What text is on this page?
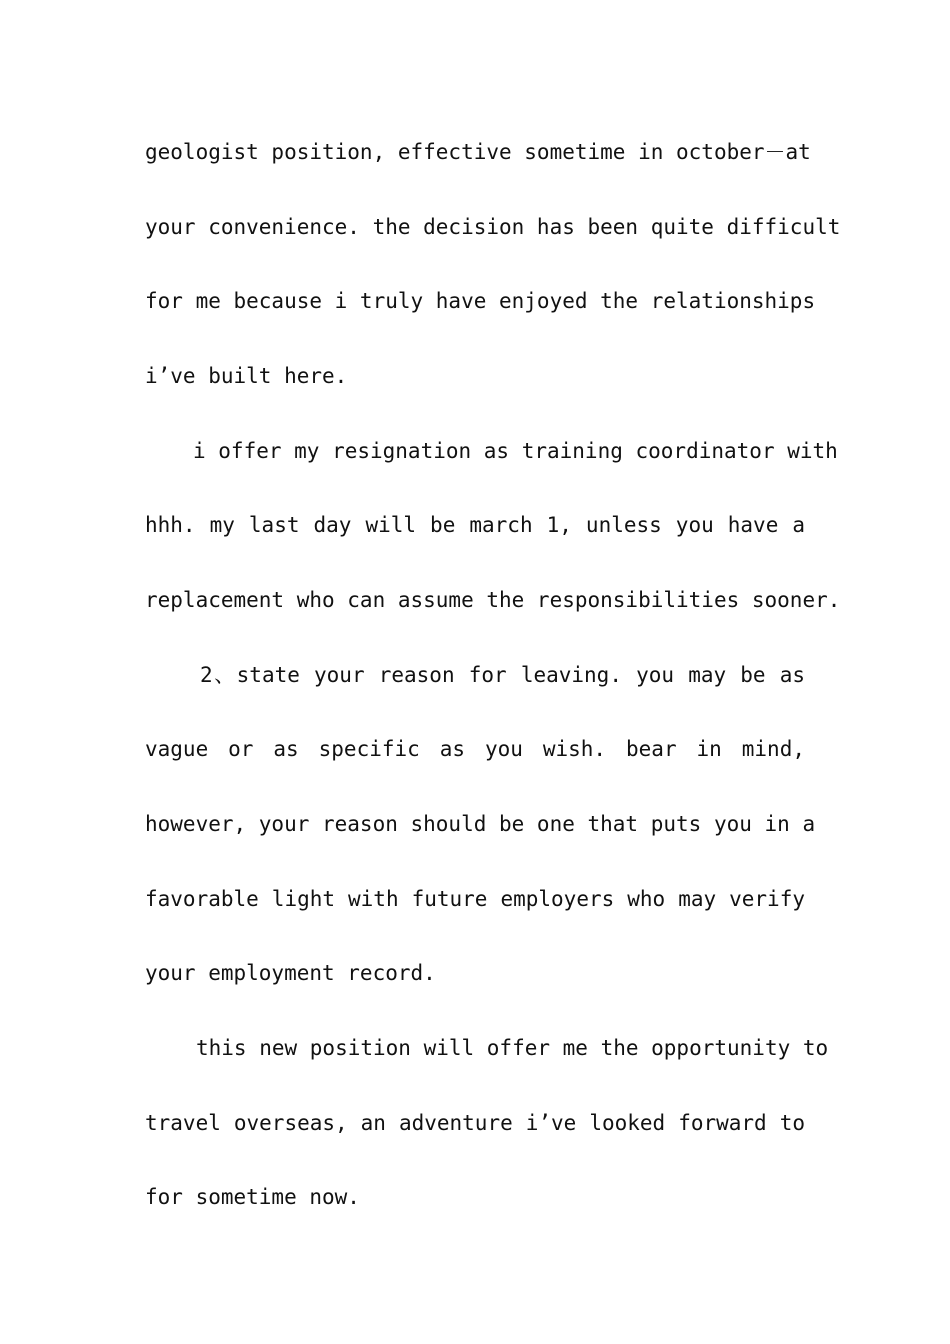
geologist position, effective sometime in october－at
your convenience. the decision has been quite difficult
for me because i truly have enjoyed the relationships
i’ve built here.
i offer my resignation as training coordinator with
hhh. my last day will be march 1, unless you have a
replacement who can assume the responsibilities sooner.
2、state your reason for leaving. you may be as
vague or as specific as you wish. bear in mind,
however, your reason should be one that puts you in a
favorable light with future employers who may verify
your employment record.
this new position will offer me the opportunity to
travel overseas, an adventure i’ve looked forward to
for sometime now.
